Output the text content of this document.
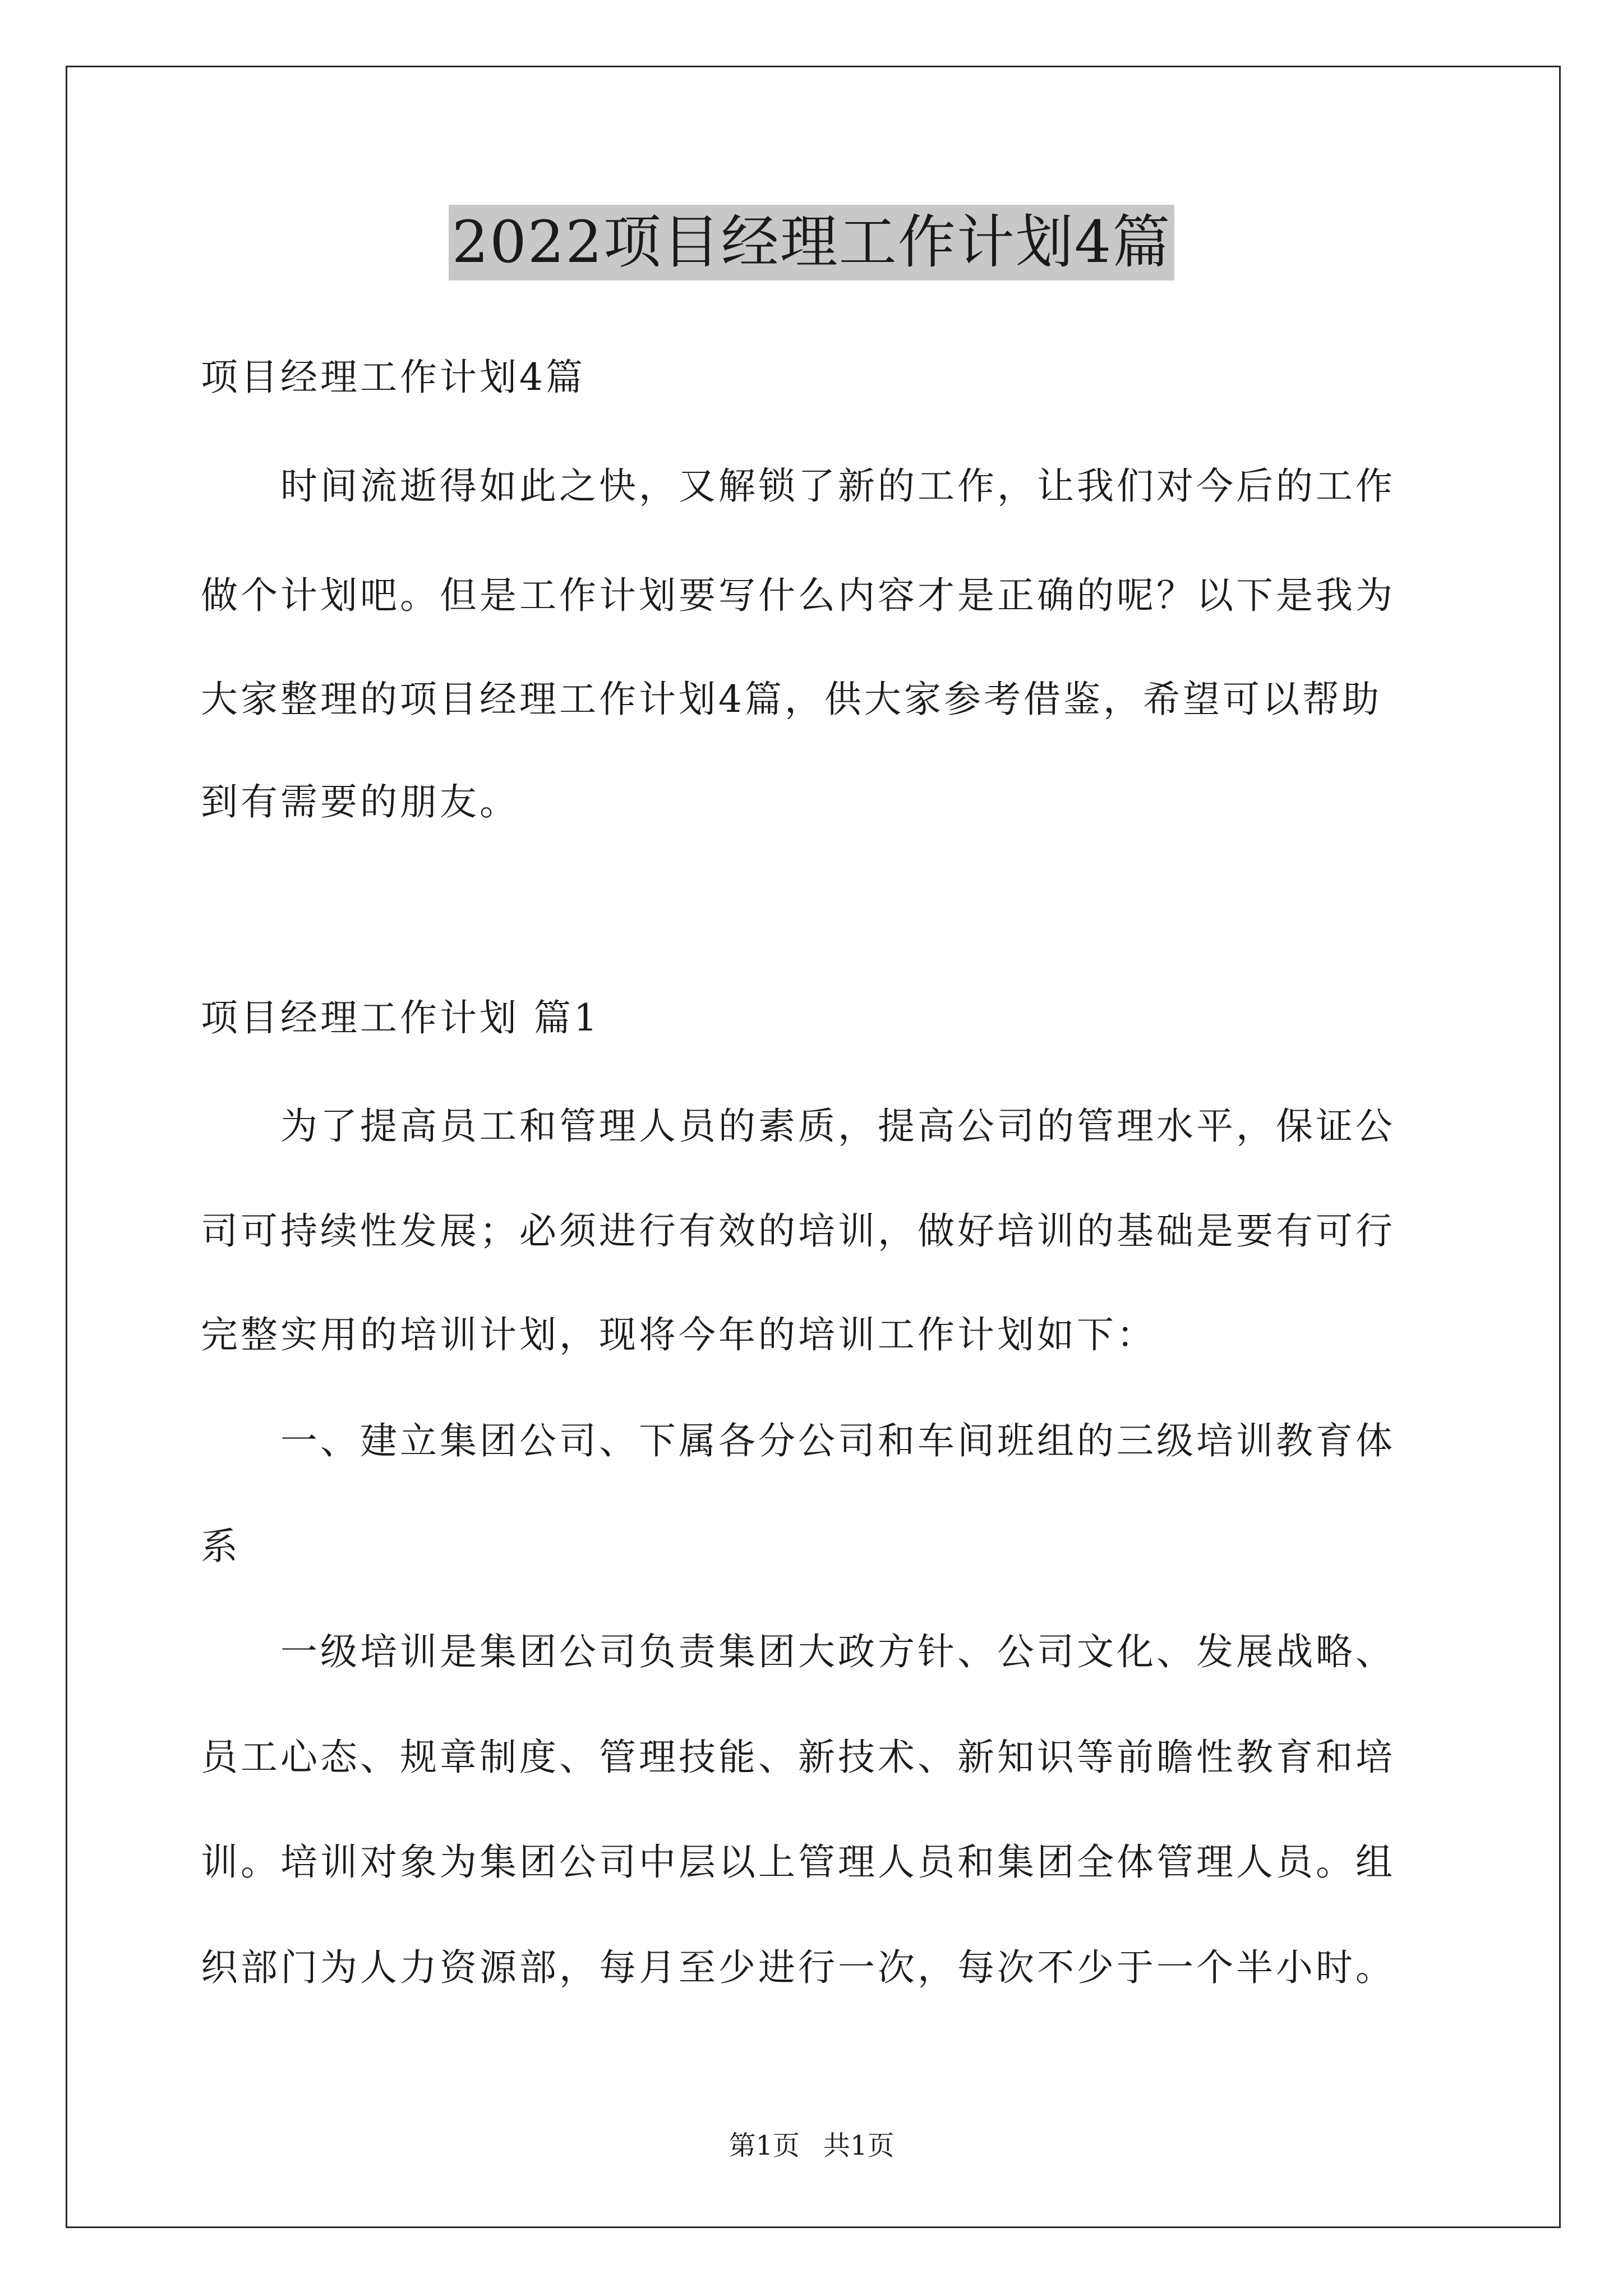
2022项目经理工作计划4篇
项目经理工作计划4篇
　　时间流逝得如此之快，又解锁了新的工作，让我们对今后的工作
做个计划吧。但是工作计划要写什么内容才是正确的呢？以下是我为
大家整理的项目经理工作计划4篇，供大家参考借鉴，希望可以帮助
到有需要的朋友。
项目经理工作计划 篇1
　　为了提高员工和管理人员的素质，提高公司的管理水平，保证公
司可持续性发展；必须进行有效的培训，做好培训的基础是要有可行
完整实用的培训计划，现将今年的培训工作计划如下：
　　一、建立集团公司、下属各分公司和车间班组的三级培训教育体
系
　　一级培训是集团公司负责集团大政方针、公司文化、发展战略、
员工心态、规章制度、管理技能、新技术、新知识等前瞻性教育和培
训。培训对象为集团公司中层以上管理人员和集团全体管理人员。组
织部门为人力资源部，每月至少进行一次，每次不少于一个半小时。
第1页 共1页
